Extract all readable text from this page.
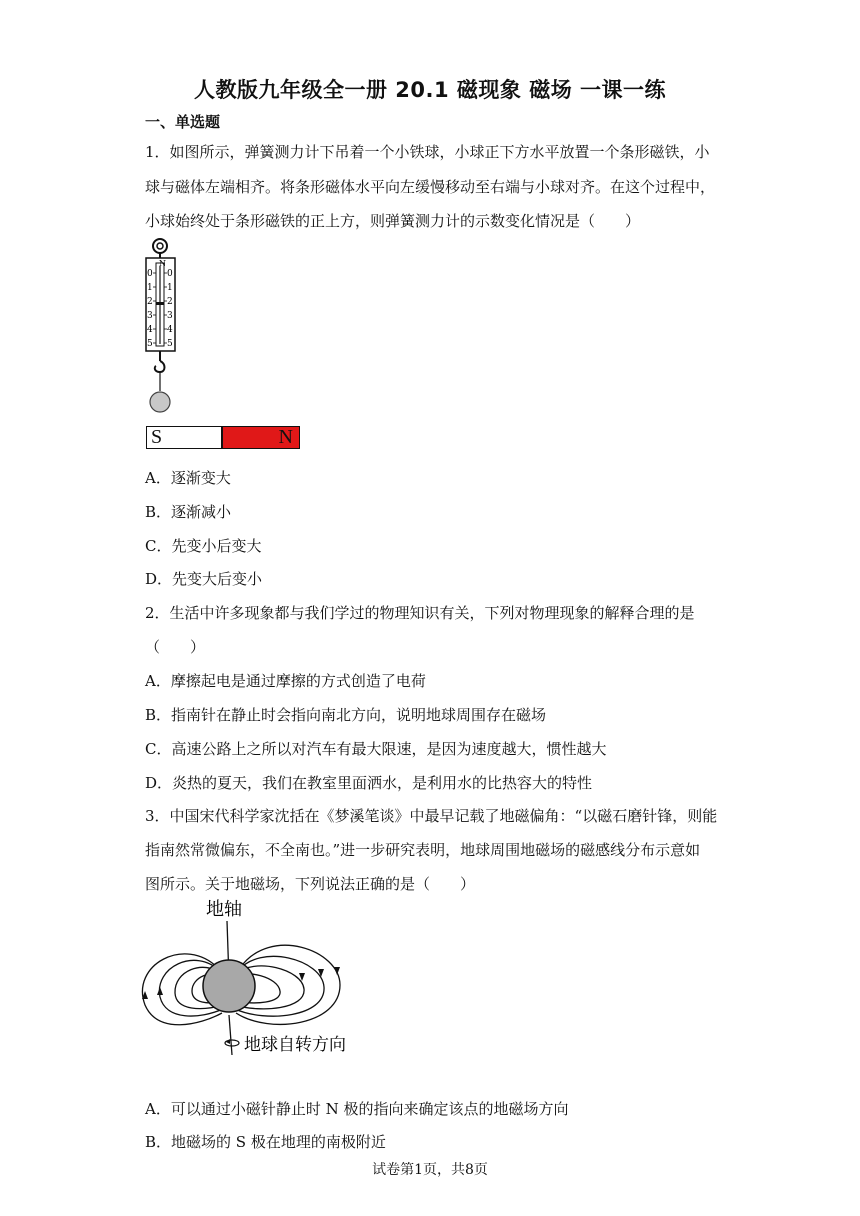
人教版九年级全一册 20.1 磁现象 磁场 一课一练
一、单选题
1．如图所示，弹簧测力计下吊着一个小铁球，小球正下方水平放置一个条形磁铁，小
球与磁体左端相齐。将条形磁体水平向左缓慢移动至右端与小球对齐。在这个过程中，
小球始终处于条形磁铁的正上方，则弹簧测力计的示数变化情况是（　　）
N
0 0
1 1
2 2
3 3
4 4
5 5
S	N
A．逐渐变大
B．逐渐减小
C．先变小后变大
D．先变大后变小
2．生活中许多现象都与我们学过的物理知识有关，下列对物理现象的解释合理的是
（　　）
A．摩擦起电是通过摩擦的方式创造了电荷
B．指南针在静止时会指向南北方向，说明地球周围存在磁场
C．高速公路上之所以对汽车有最大限速，是因为速度越大，惯性越大
D．炎热的夏天，我们在教室里面洒水，是利用水的比热容大的特性
3．中国宋代科学家沈括在《梦溪笔谈》中最早记载了地磁偏角：“以磁石磨针锋，则能
指南然常微偏东，不全南也。”进一步研究表明，地球周围地磁场的磁感线分布示意如
图所示。关于地磁场，下列说法正确的是（　　）
地轴
地球自转方向
A．可以通过小磁针静止时 N 极的指向来确定该点的地磁场方向
B．地磁场的 S 极在地理的南极附近
试卷第1页，共8页
